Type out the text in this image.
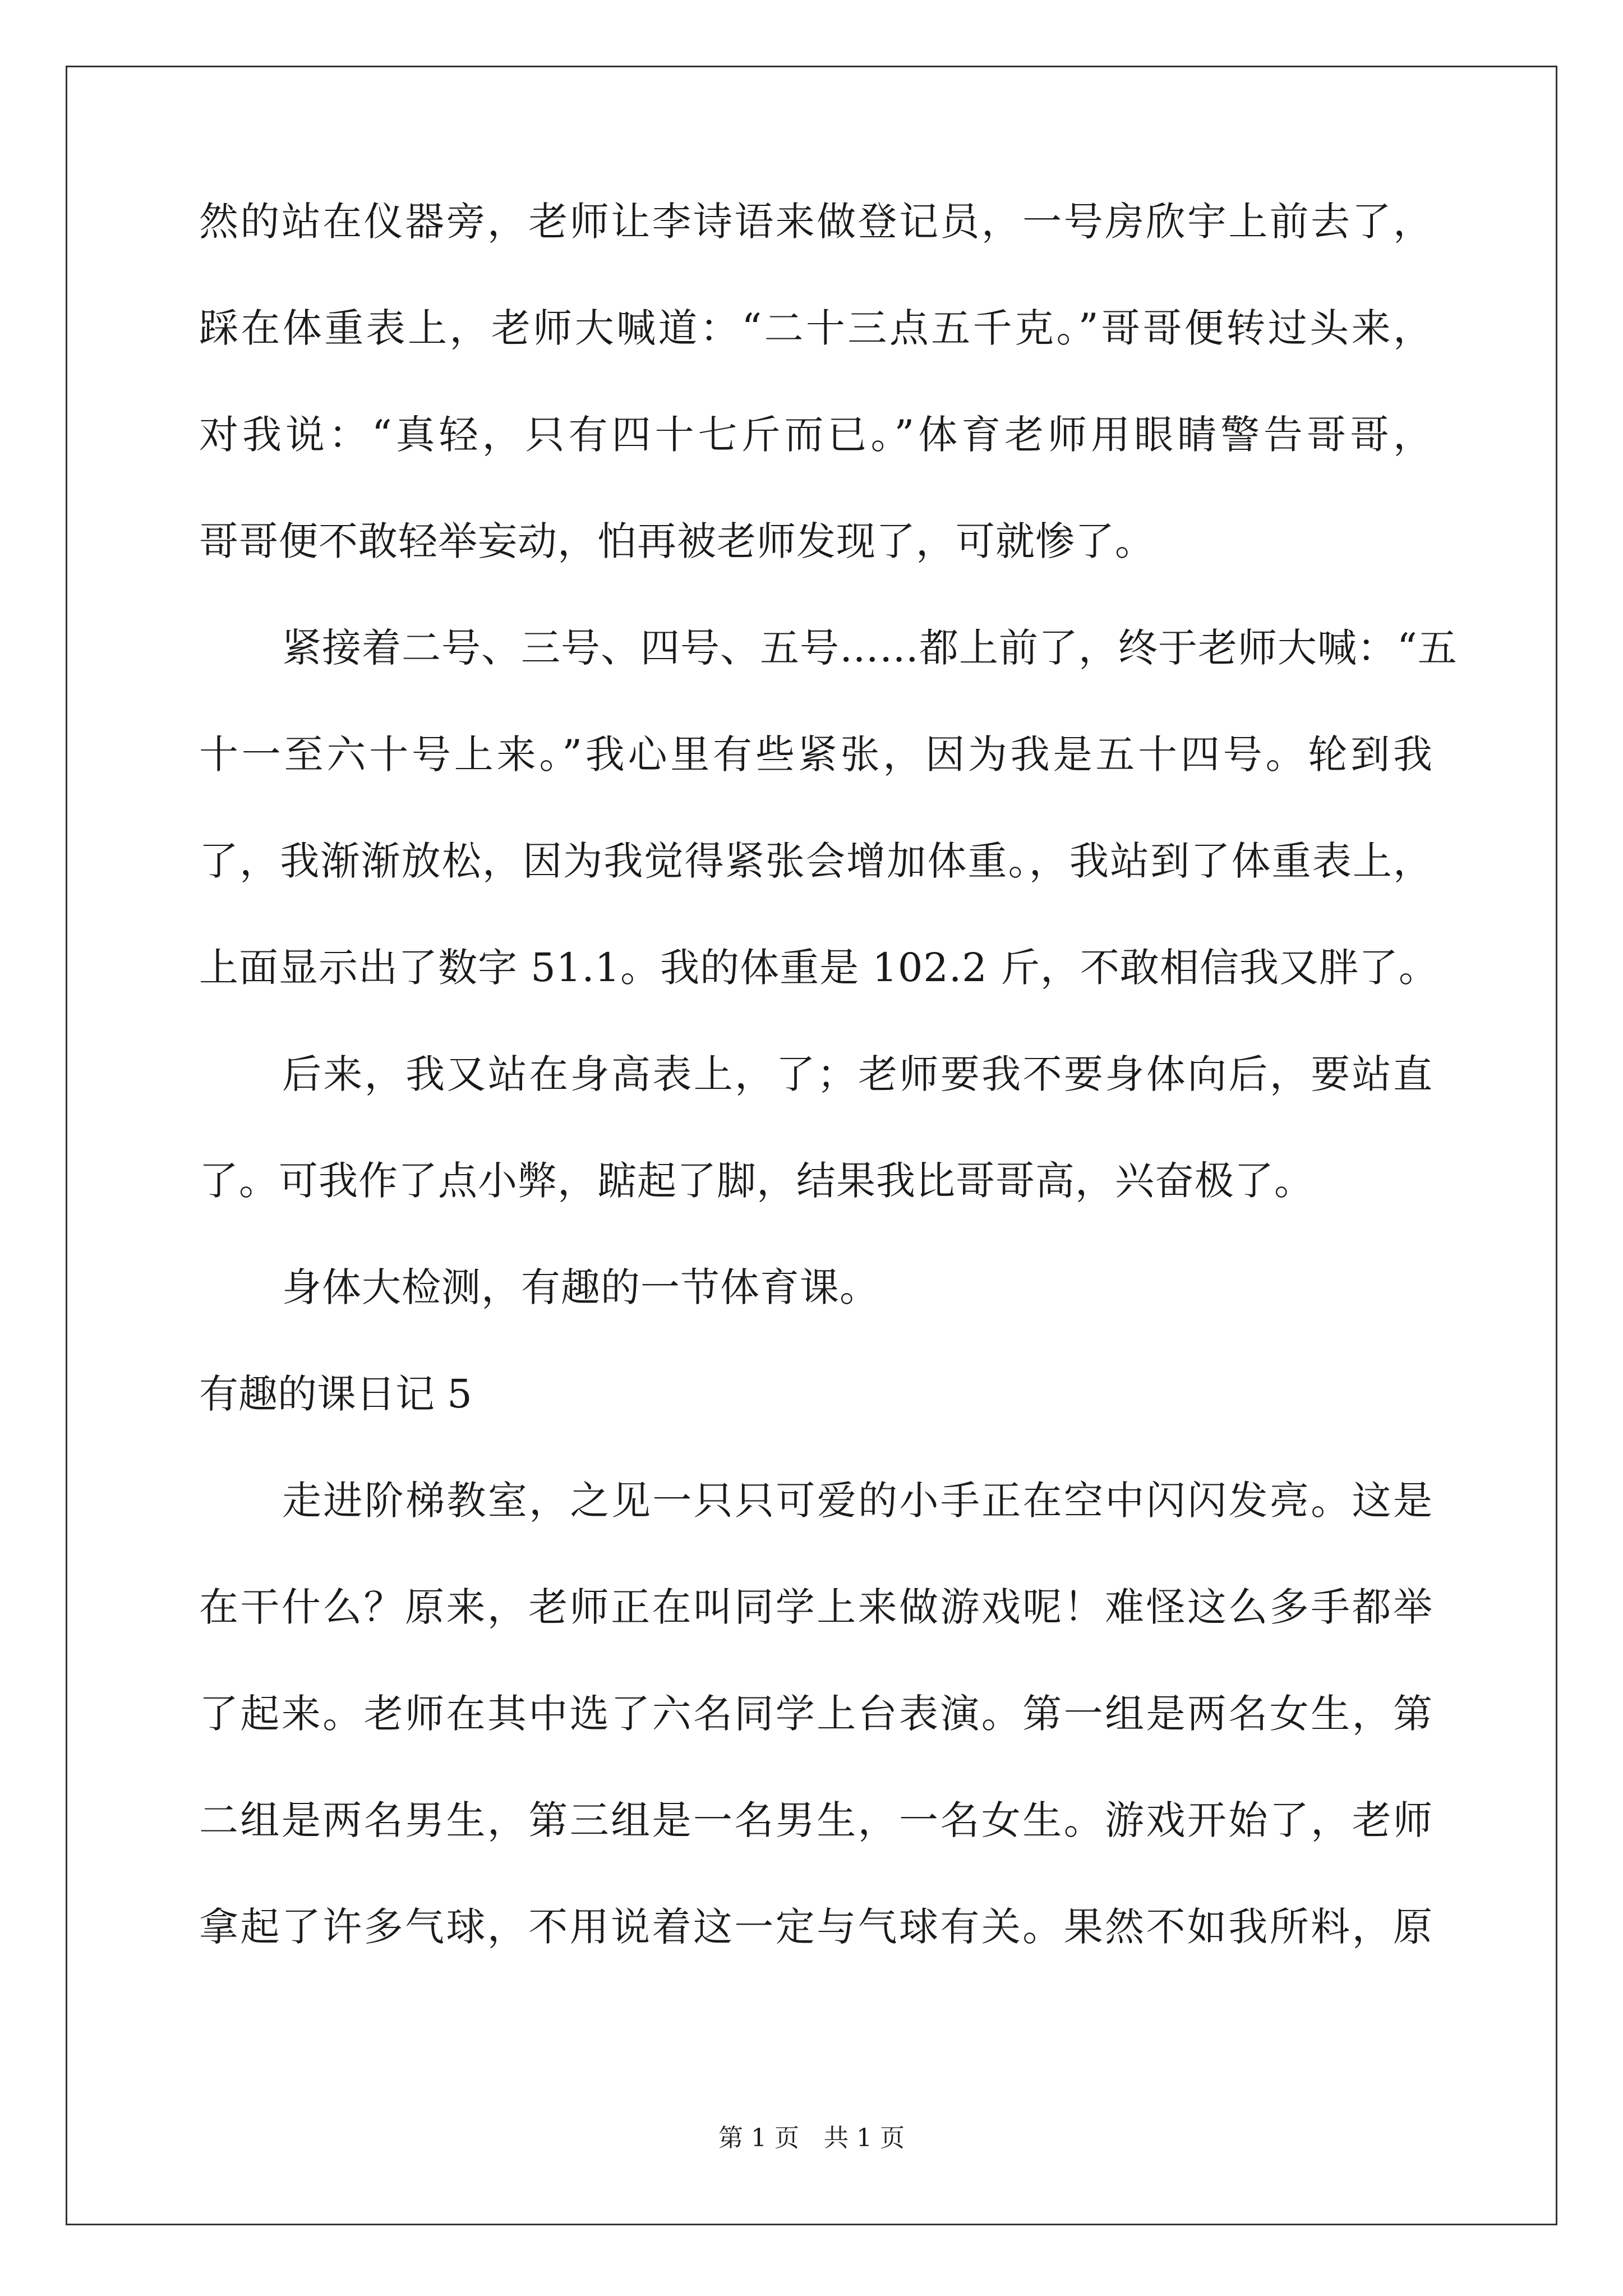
然的站在仪器旁，老师让李诗语来做登记员，一号房欣宇上前去了，
踩在体重表上，老师大喊道：“二十三点五千克。”哥哥便转过头来，
对我说：“真轻，只有四十七斤而已。”体育老师用眼睛警告哥哥，
哥哥便不敢轻举妄动，怕再被老师发现了，可就惨了。
紧接着二号、三号、四号、五号……都上前了，终于老师大喊：“五
十一至六十号上来。”我心里有些紧张，因为我是五十四号。轮到我
了，我渐渐放松，因为我觉得紧张会增加体重。，我站到了体重表上，
上面显示出了数字 51.1。我的体重是 102.2 斤，不敢相信我又胖了。
后来，我又站在身高表上，了；老师要我不要身体向后，要站直
了。可我作了点小弊，踮起了脚，结果我比哥哥高，兴奋极了。
身体大检测，有趣的一节体育课。
有趣的课日记 5
走进阶梯教室，之见一只只可爱的小手正在空中闪闪发亮。这是
在干什么？原来，老师正在叫同学上来做游戏呢！难怪这么多手都举
了起来。老师在其中选了六名同学上台表演。第一组是两名女生，第
二组是两名男生，第三组是一名男生，一名女生。游戏开始了，老师
拿起了许多气球，不用说着这一定与气球有关。果然不如我所料，原
第 1 页　共 1 页
